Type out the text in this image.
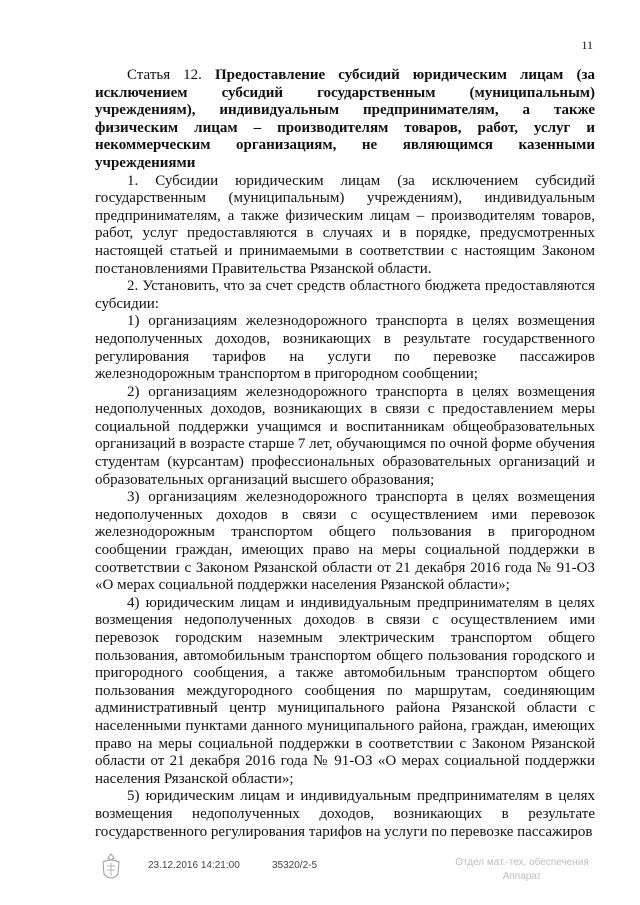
11

Статья 12. Предоставление субсидий юридическим лицам (за исключением субсидий государственным (муниципальным) учреждениям), индивидуальным предпринимателям, а также физическим лицам – производителям товаров, работ, услуг и некоммерческим организациям, не являющимся казенными учреждениями

1. Субсидии юридическим лицам (за исключением субсидий государственным (муниципальным) учреждениям), индивидуальным предпринимателям, а также физическим лицам – производителям товаров, работ, услуг предоставляются в случаях и в порядке, предусмотренных настоящей статьей и принимаемыми в соответствии с настоящим Законом постановлениями Правительства Рязанской области.

2. Установить, что за счет средств областного бюджета предоставляются субсидии:

1) организациям железнодорожного транспорта в целях возмещения недополученных доходов, возникающих в результате государственного регулирования тарифов на услуги по перевозке пассажиров железнодорожным транспортом в пригородном сообщении;

2) организациям железнодорожного транспорта в целях возмещения недополученных доходов, возникающих в связи с предоставлением меры социальной поддержки учащимся и воспитанникам общеобразовательных организаций в возрасте старше 7 лет, обучающимся по очной форме обучения студентам (курсантам) профессиональных образовательных организаций и образовательных организаций высшего образования;

3) организациям железнодорожного транспорта в целях возмещения недополученных доходов в связи с осуществлением ими перевозок железнодорожным транспортом общего пользования в пригородном сообщении граждан, имеющих право на меры социальной поддержки в соответствии с Законом Рязанской области от 21 декабря 2016 года № 91-ОЗ «О мерах социальной поддержки населения Рязанской области»;

4) юридическим лицам и индивидуальным предпринимателям в целях возмещения недополученных доходов в связи с осуществлением ими перевозок городским наземным электрическим транспортом общего пользования, автомобильным транспортом общего пользования городского и пригородного сообщения, а также автомобильным транспортом общего пользования междугородного сообщения по маршрутам, соединяющим административный центр муниципального района Рязанской области с населенными пунктами данного муниципального района, граждан, имеющих право на меры социальной поддержки в соответствии с Законом Рязанской области от 21 декабря 2016 года № 91-ОЗ «О мерах социальной поддержки населения Рязанской области»;

5) юридическим лицам и индивидуальным предпринимателям в целях возмещения недополученных доходов, возникающих в результате государственного регулирования тарифов на услуги по перевозке пассажиров

23.12.2016 14:21:00	35320/2-5	Отдел мат.-тех. обеспечения
Аппарат
